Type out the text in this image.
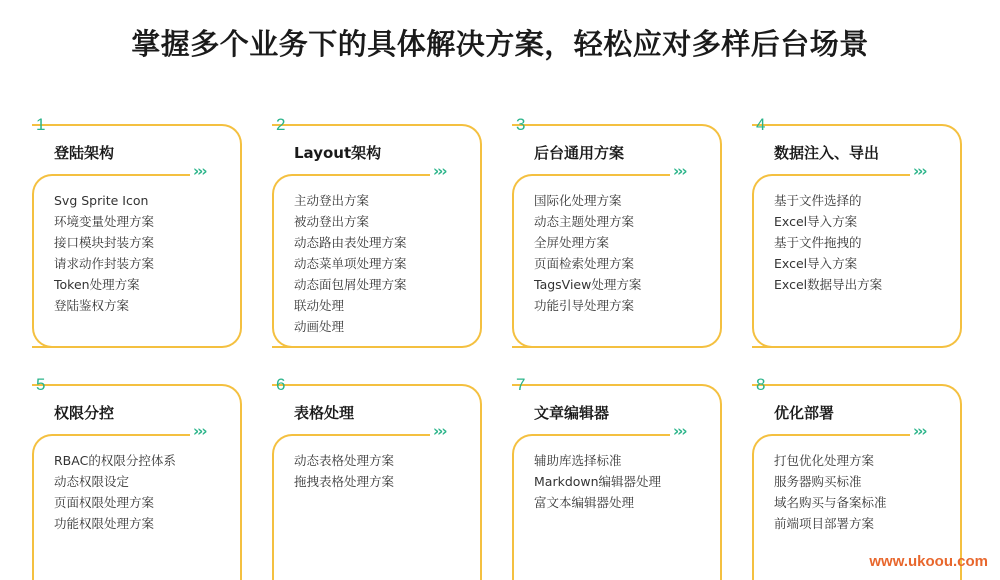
掌握多个业务下的具体解决方案，轻松应对多样后台场景
1
登陆架构
›››
Svg Sprite Icon
环境变量处理方案
接口模块封装方案
请求动作封装方案
Token处理方案
登陆鉴权方案
2
Layout架构
›››
主动登出方案
被动登出方案
动态路由表处理方案
动态菜单项处理方案
动态面包屑处理方案
联动处理
动画处理
3
后台通用方案
›››
国际化处理方案
动态主题处理方案
全屏处理方案
页面检索处理方案
TagsView处理方案
功能引导处理方案
4
数据注入、导出
›››
基于文件选择的
Excel导入方案
基于文件拖拽的
Excel导入方案
Excel数据导出方案
5
权限分控
›››
RBAC的权限分控体系
动态权限设定
页面权限处理方案
功能权限处理方案
6
表格处理
›››
动态表格处理方案
拖拽表格处理方案
7
文章编辑器
›››
辅助库选择标准
Markdown编辑器处理
富文本编辑器处理
8
优化部署
›››
打包优化处理方案
服务器购买标准
域名购买与备案标准
前端项目部署方案
www.ukoou.com
